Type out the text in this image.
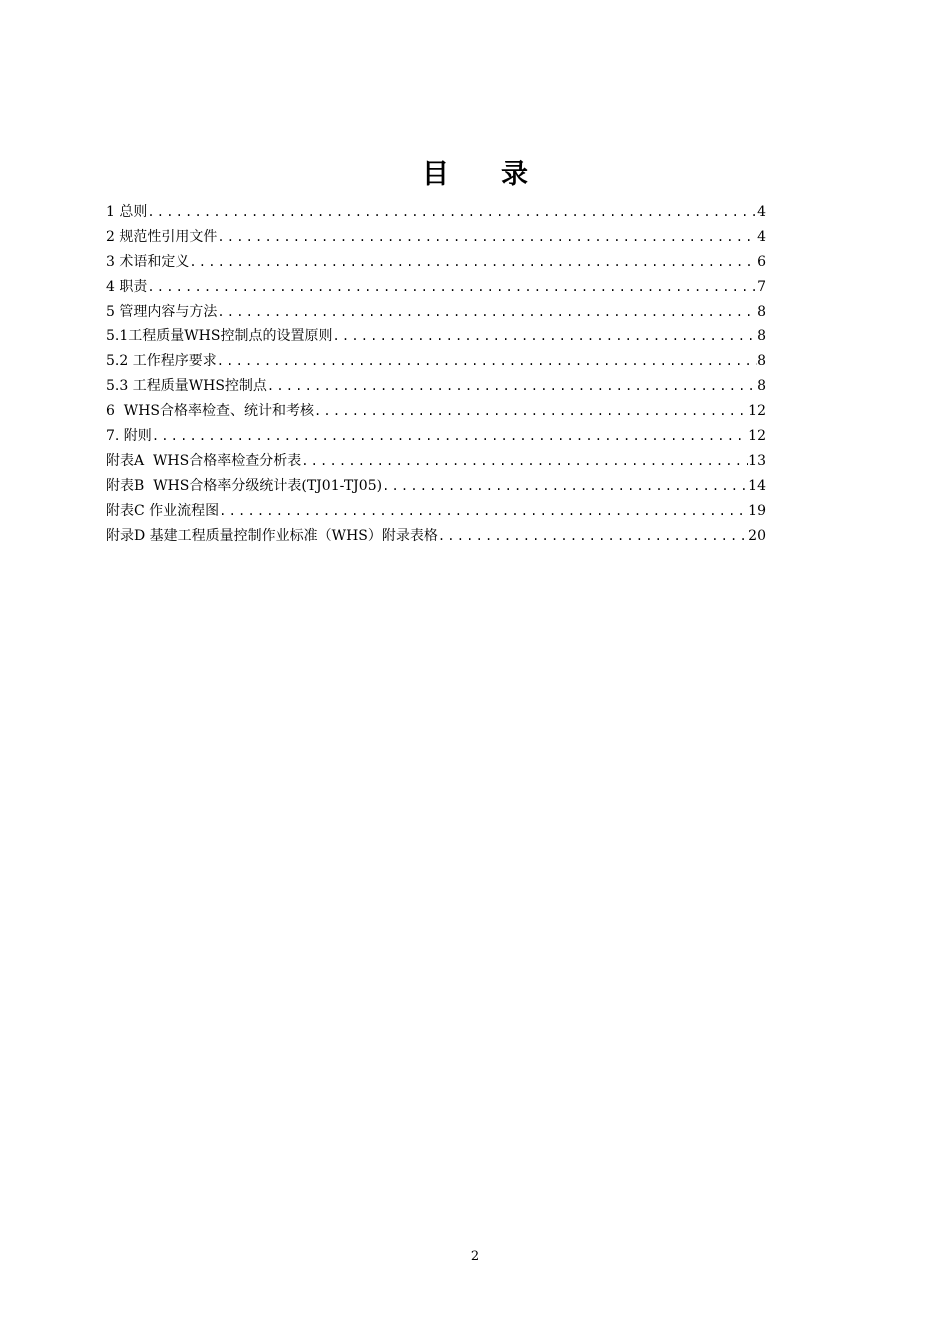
目录
1 总则 .....	4
2 规范性引用文件 .....	4
3 术语和定义 .....	6
4 职责 .....	7
5 管理内容与方法 .....	8
5.1工程质量WHS控制点的设置原则 .....	8
5.2 工作程序要求 .....	8
5.3 工程质量WHS控制点 .....	8
6  WHS合格率检查、统计和考核 .....	12
7. 附则 .....	12
附表A  WHS合格率检查分析表 .....	13
附表B  WHS合格率分级统计表(TJ01-TJ05) .....	14
附表C 作业流程图 .....	19
附录D 基建工程质量控制作业标准（WHS）附录表格 .....	20
2
